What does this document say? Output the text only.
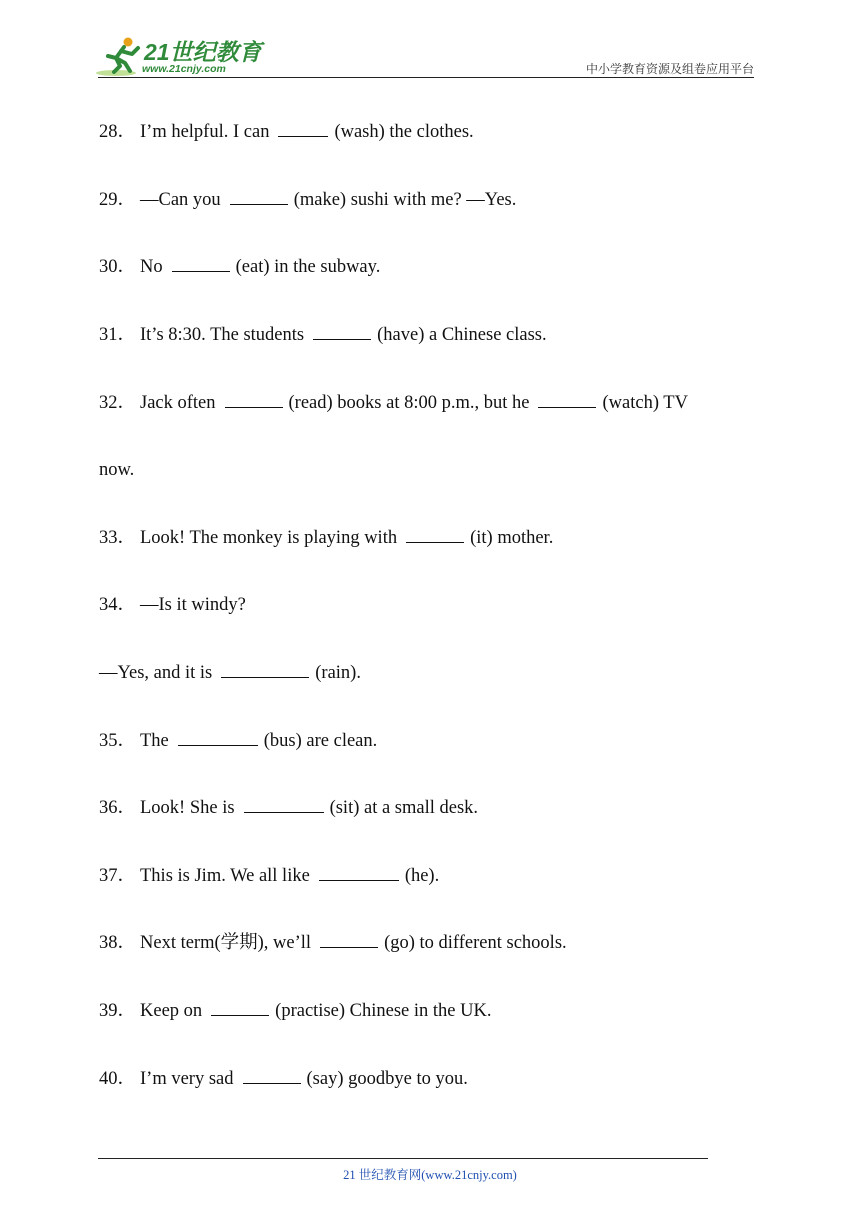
21世纪教育
www.21cnjy.com	中小学教育资源及组卷应用平台
28． I’m helpful. I can	(wash) the clothes.
29． —Can you	(make) sushi with me? —Yes.
30． No	(eat) in the subway.
31． It’s 8:30. The students	(have) a Chinese class.
32． Jack often	(read) books at 8:00 p.m., but he	(watch) TV
now.
33． Look! The monkey is playing with	(it) mother.
34． —Is it windy?
—Yes, and it is	(rain).
35． The	(bus) are clean.
36． Look! She is	(sit) at a small desk.
37． This is Jim. We all like	(he).
38． Next term(学期), we’ll	(go) to different schools.
39． Keep on	(practise) Chinese in the UK.
40． I’m very sad	(say) goodbye to you.
21 世纪教育网(www.21cnjy.com)
